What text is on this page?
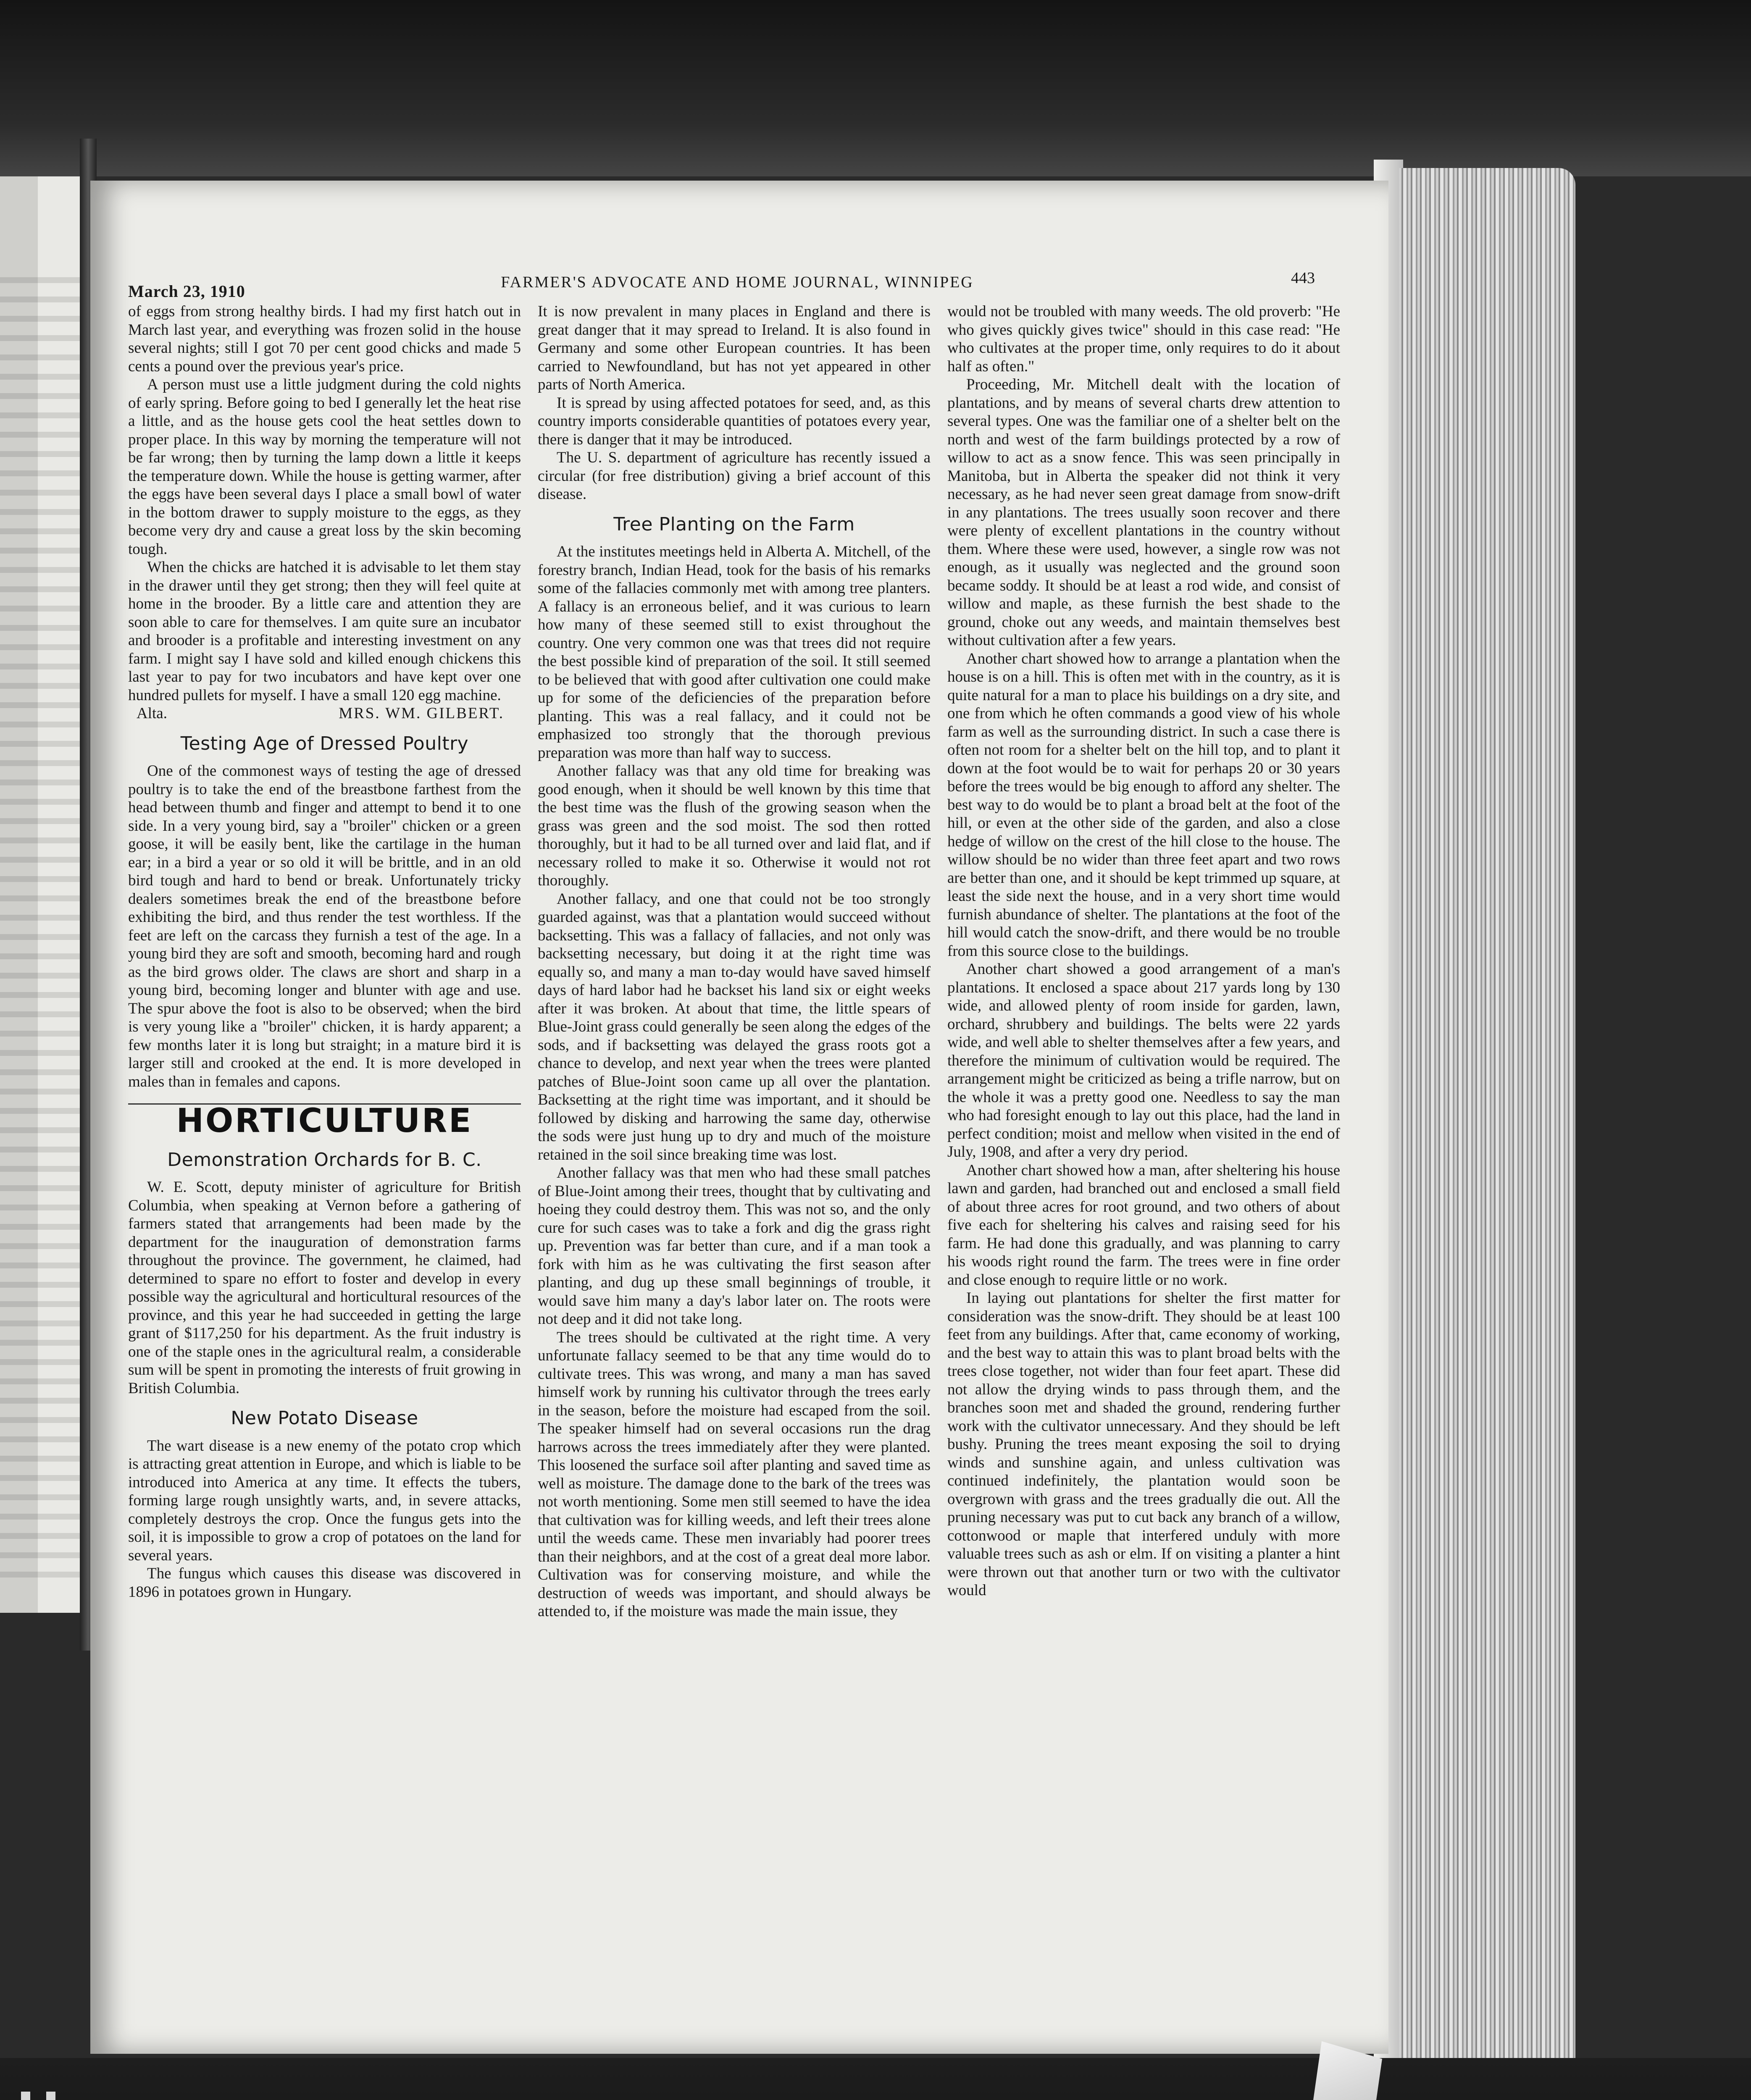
March 23, 1910	FARMER'S ADVOCATE AND HOME JOURNAL, WINNIPEG	443

of eggs from strong healthy birds. I had my first hatch out in March last year, and everything was frozen solid in the house several nights; still I got 70 per cent good chicks and made 5 cents a pound over the previous year's price.

A person must use a little judgment during the cold nights of early spring. Before going to bed I generally let the heat rise a little, and as the house gets cool the heat settles down to proper place. In this way by morning the temperature will not be far wrong; then by turning the lamp down a little it keeps the temperature down. While the house is getting warmer, after the eggs have been several days I place a small bowl of water in the bottom drawer to supply moisture to the eggs, as they become very dry and cause a great loss by the skin becoming tough.

When the chicks are hatched it is advisable to let them stay in the drawer until they get strong; then they will feel quite at home in the brooder. By a little care and attention they are soon able to care for themselves. I am quite sure an incubator and brooder is a profitable and interesting investment on any farm. I might say I have sold and killed enough chickens this last year to pay for two incubators and have kept over one hundred pullets for myself. I have a small 120 egg machine.

Alta.	MRS. WM. GILBERT.
Testing Age of Dressed Poultry

One of the commonest ways of testing the age of dressed poultry is to take the end of the breastbone farthest from the head between thumb and finger and attempt to bend it to one side. In a very young bird, say a "broiler" chicken or a green goose, it will be easily bent, like the cartilage in the human ear; in a bird a year or so old it will be brittle, and in an old bird tough and hard to bend or break. Unfortunately tricky dealers sometimes break the end of the breastbone before exhibiting the bird, and thus render the test worthless. If the feet are left on the carcass they furnish a test of the age. In a young bird they are soft and smooth, becoming hard and rough as the bird grows older. The claws are short and sharp in a young bird, becoming longer and blunter with age and use. The spur above the foot is also to be observed; when the bird is very young like a "broiler" chicken, it is hardy apparent; a few months later it is long but straight; in a mature bird it is larger still and crooked at the end. It is more developed in males than in females and capons.

HORTICULTURE
Demonstration Orchards for B. C.

W. E. Scott, deputy minister of agriculture for British Columbia, when speaking at Vernon before a gathering of farmers stated that arrangements had been made by the department for the inauguration of demonstration farms throughout the province. The government, he claimed, had determined to spare no effort to foster and develop in every possible way the agricultural and horticultural resources of the province, and this year he had succeeded in getting the large grant of $117,250 for his department. As the fruit industry is one of the staple ones in the agricultural realm, a considerable sum will be spent in promoting the interests of fruit growing in British Columbia.

New Potato Disease

The wart disease is a new enemy of the potato crop which is attracting great attention in Europe, and which is liable to be introduced into America at any time. It effects the tubers, forming large rough unsightly warts, and, in severe attacks, completely destroys the crop. Once the fungus gets into the soil, it is impossible to grow a crop of potatoes on the land for several years.

The fungus which causes this disease was discovered in 1896 in potatoes grown in Hungary.

It is now prevalent in many places in England and there is great danger that it may spread to Ireland. It is also found in Germany and some other European countries. It has been carried to Newfoundland, but has not yet appeared in other parts of North America.

It is spread by using affected potatoes for seed, and, as this country imports considerable quantities of potatoes every year, there is danger that it may be introduced.

The U. S. department of agriculture has recently issued a circular (for free distribution) giving a brief account of this disease.

Tree Planting on the Farm

At the institutes meetings held in Alberta A. Mitchell, of the forestry branch, Indian Head, took for the basis of his remarks some of the fallacies commonly met with among tree planters. A fallacy is an erroneous belief, and it was curious to learn how many of these seemed still to exist throughout the country. One very common one was that trees did not require the best possible kind of preparation of the soil. It still seemed to be believed that with good after cultivation one could make up for some of the deficiencies of the preparation before planting. This was a real fallacy, and it could not be emphasized too strongly that the thorough previous preparation was more than half way to success.

Another fallacy was that any old time for breaking was good enough, when it should be well known by this time that the best time was the flush of the growing season when the grass was green and the sod moist. The sod then rotted thoroughly, but it had to be all turned over and laid flat, and if necessary rolled to make it so. Otherwise it would not rot thoroughly.

Another fallacy, and one that could not be too strongly guarded against, was that a plantation would succeed without backsetting. This was a fallacy of fallacies, and not only was backsetting necessary, but doing it at the right time was equally so, and many a man to-day would have saved himself days of hard labor had he backset his land six or eight weeks after it was broken. At about that time, the little spears of Blue-Joint grass could generally be seen along the edges of the sods, and if backsetting was delayed the grass roots got a chance to develop, and next year when the trees were planted patches of Blue-Joint soon came up all over the plantation. Backsetting at the right time was important, and it should be followed by disking and harrowing the same day, otherwise the sods were just hung up to dry and much of the moisture retained in the soil since breaking time was lost.

Another fallacy was that men who had these small patches of Blue-Joint among their trees, thought that by cultivating and hoeing they could destroy them. This was not so, and the only cure for such cases was to take a fork and dig the grass right up. Prevention was far better than cure, and if a man took a fork with him as he was cultivating the first season after planting, and dug up these small beginnings of trouble, it would save him many a day's labor later on. The roots were not deep and it did not take long.

The trees should be cultivated at the right time. A very unfortunate fallacy seemed to be that any time would do to cultivate trees. This was wrong, and many a man has saved himself work by running his cultivator through the trees early in the season, before the moisture had escaped from the soil. The speaker himself had on several occasions run the drag harrows across the trees immediately after they were planted. This loosened the surface soil after planting and saved time as well as moisture. The damage done to the bark of the trees was not worth mentioning. Some men still seemed to have the idea that cultivation was for killing weeds, and left their trees alone until the weeds came. These men invariably had poorer trees than their neighbors, and at the cost of a great deal more labor. Cultivation was for conserving moisture, and while the destruction of weeds was important, and should always be attended to, if the moisture was made the main issue, they

would not be troubled with many weeds. The old proverb: "He who gives quickly gives twice" should in this case read: "He who cultivates at the proper time, only requires to do it about half as often."

Proceeding, Mr. Mitchell dealt with the location of plantations, and by means of several charts drew attention to several types. One was the familiar one of a shelter belt on the north and west of the farm buildings protected by a row of willow to act as a snow fence. This was seen principally in Manitoba, but in Alberta the speaker did not think it very necessary, as he had never seen great damage from snow-drift in any plantations. The trees usually soon recover and there were plenty of excellent plantations in the country without them. Where these were used, however, a single row was not enough, as it usually was neglected and the ground soon became soddy. It should be at least a rod wide, and consist of willow and maple, as these furnish the best shade to the ground, choke out any weeds, and maintain themselves best without cultivation after a few years.

Another chart showed how to arrange a plantation when the house is on a hill. This is often met with in the country, as it is quite natural for a man to place his buildings on a dry site, and one from which he often commands a good view of his whole farm as well as the surrounding district. In such a case there is often not room for a shelter belt on the hill top, and to plant it down at the foot would be to wait for perhaps 20 or 30 years before the trees would be big enough to afford any shelter. The best way to do would be to plant a broad belt at the foot of the hill, or even at the other side of the garden, and also a close hedge of willow on the crest of the hill close to the house. The willow should be no wider than three feet apart and two rows are better than one, and it should be kept trimmed up square, at least the side next the house, and in a very short time would furnish abundance of shelter. The plantations at the foot of the hill would catch the snow-drift, and there would be no trouble from this source close to the buildings.

Another chart showed a good arrangement of a man's plantations. It enclosed a space about 217 yards long by 130 wide, and allowed plenty of room inside for garden, lawn, orchard, shrubbery and buildings. The belts were 22 yards wide, and well able to shelter themselves after a few years, and therefore the minimum of cultivation would be required. The arrangement might be criticized as being a trifle narrow, but on the whole it was a pretty good one. Needless to say the man who had foresight enough to lay out this place, had the land in perfect condition; moist and mellow when visited in the end of July, 1908, and after a very dry period.

Another chart showed how a man, after sheltering his house lawn and garden, had branched out and enclosed a small field of about three acres for root ground, and two others of about five each for sheltering his calves and raising seed for his farm. He had done this gradually, and was planning to carry his woods right round the farm. The trees were in fine order and close enough to require little or no work.

In laying out plantations for shelter the first matter for consideration was the snow-drift. They should be at least 100 feet from any buildings. After that, came economy of working, and the best way to attain this was to plant broad belts with the trees close together, not wider than four feet apart. These did not allow the drying winds to pass through them, and the branches soon met and shaded the ground, rendering further work with the cultivator unnecessary. And they should be left bushy. Pruning the trees meant exposing the soil to drying winds and sunshine again, and unless cultivation was continued indefinitely, the plantation would soon be overgrown with grass and the trees gradually die out. All the pruning necessary was put to cut back any branch of a willow, cottonwood or maple that interfered unduly with more valuable trees such as ash or elm. If on visiting a planter a hint were thrown out that another turn or two with the cultivator would
